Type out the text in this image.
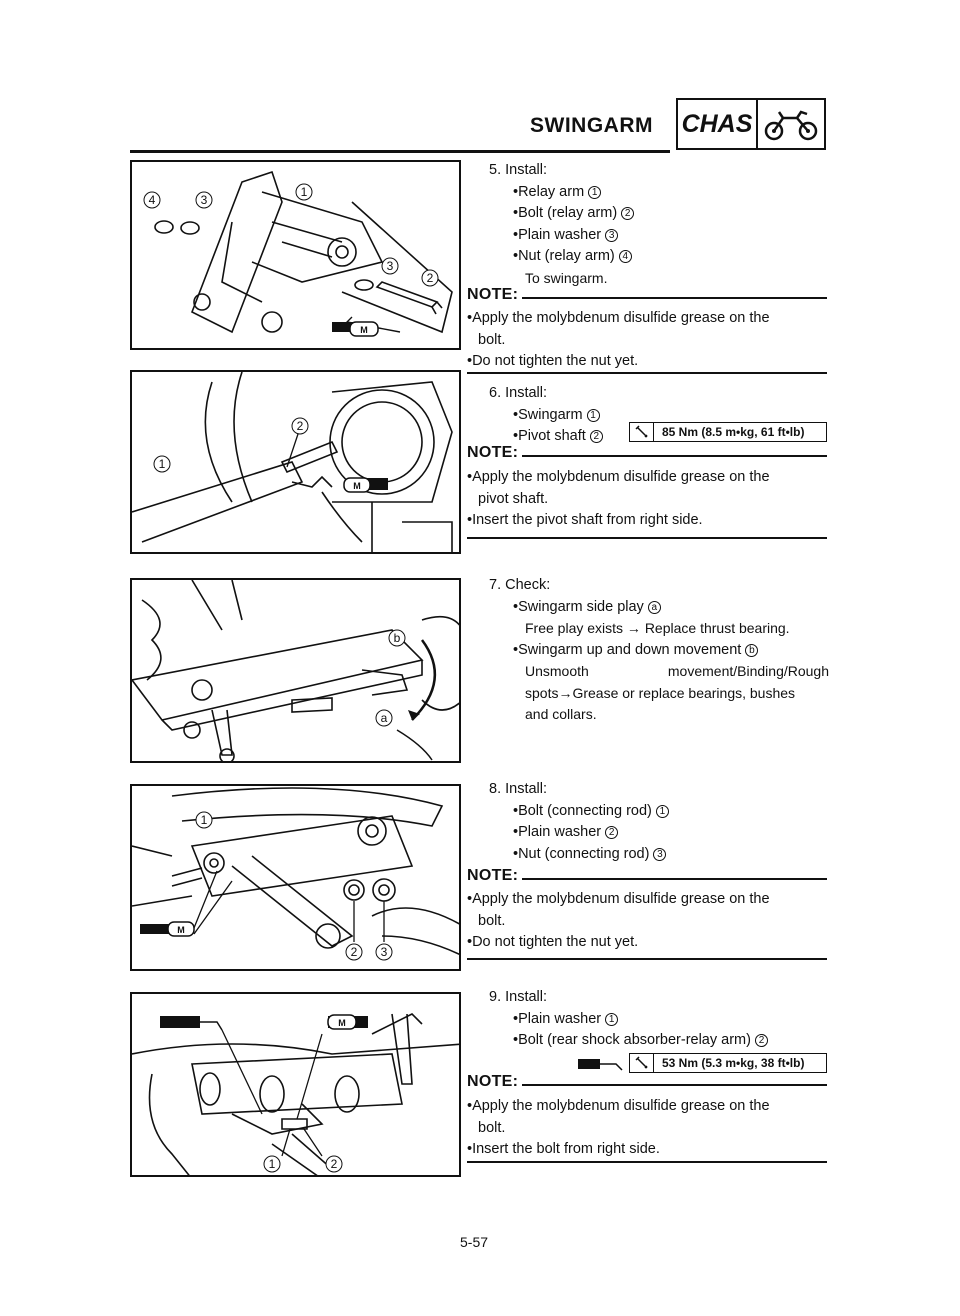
SWINGARM CHAS
M
4	3
1
3
2
5. Install:
•Relay arm 1
•Bolt (relay arm) 2
•Plain washer 3
•Nut (relay arm) 4
To swingarm.
NOTE:
•Apply the molybdenum disulfide grease on the
bolt.
•Do not tighten the nut yet.
M
2
1
6. Install:
•Swingarm 1
•Pivot shaft 2	85 Nm (8.5 m•kg, 61 ft•lb)
NOTE:
•Apply the molybdenum disulfide grease on the
pivot shaft.
•Insert the pivot shaft from right side.
b
a
7. Check:
•Swingarm side play a
Free play exists → Replace thrust bearing.
•Swingarm up and down movement b
Unsmooth movement/Binding/Rough
spots→Grease or replace bearings, bushes
and collars.
M
1
2 3
8. Install:
•Bolt (connecting rod) 1
•Plain washer 2
•Nut (connecting rod) 3
NOTE:
•Apply the molybdenum disulfide grease on the
bolt.
•Do not tighten the nut yet.
M
1	2
9. Install:
•Plain washer 1
•Bolt (rear shock absorber-relay arm) 2
53 Nm (5.3 m•kg, 38 ft•lb)
NOTE:
•Apply the molybdenum disulfide grease on the
bolt.
•Insert the bolt from right side.
5-57
